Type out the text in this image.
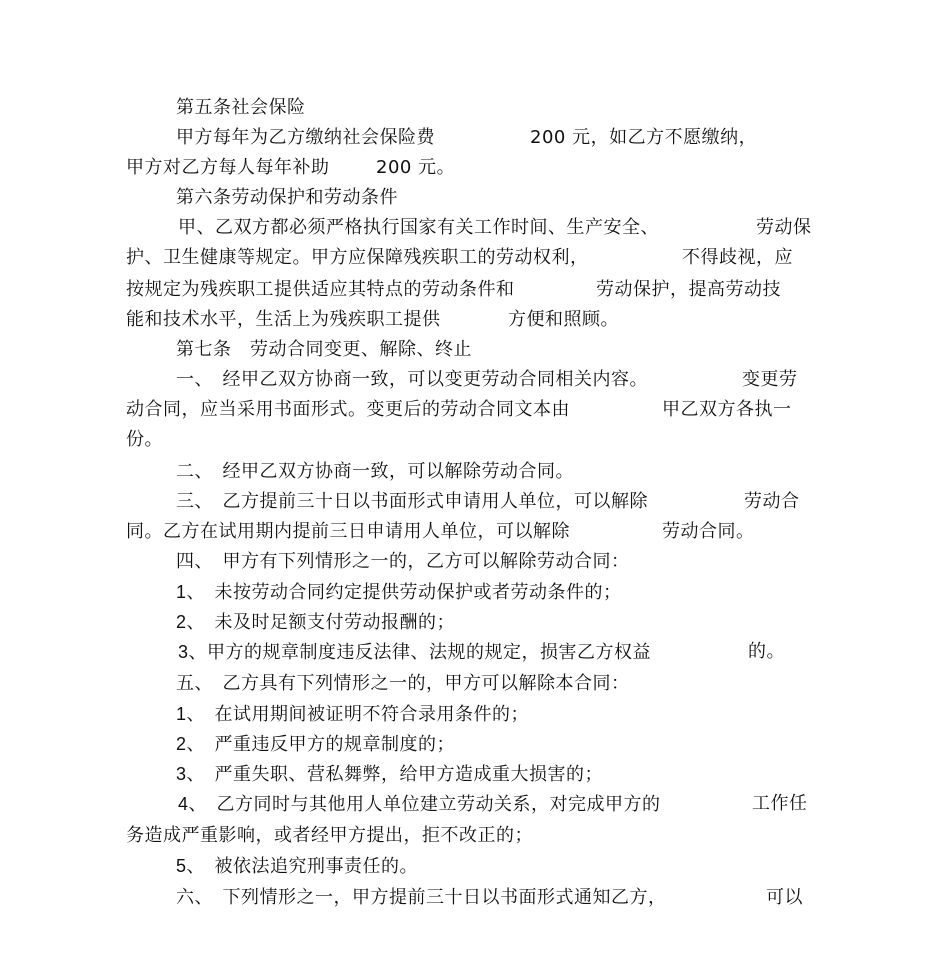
第五条社会保险
甲方每年为乙方缴纳社会保险费	200 元，如乙方不愿缴纳，
甲方对乙方每人每年补助	200 元。
第六条劳动保护和劳动条件
甲、乙双方都必须严格执行国家有关工作时间、生产安全、	劳动保
护、卫生健康等规定。甲方应保障残疾职工的劳动权利，	不得歧视，应
按规定为残疾职工提供适应其特点的劳动条件和	劳动保护，提高劳动技
能和技术水平，生活上为残疾职工提供	方便和照顾。
第七条　劳动合同变更、解除、终止
一、　经甲乙双方协商一致，可以变更劳动合同相关内容。	变更劳
动合同，应当采用书面形式。变更后的劳动合同文本由	甲乙双方各执一
份。
二、　经甲乙双方协商一致，可以解除劳动合同。
三、　乙方提前三十日以书面形式申请用人单位，可以解除	劳动合
同。乙方在试用期内提前三日申请用人单位，可以解除	劳动合同。
四、　甲方有下列情形之一的，乙方可以解除劳动合同：
1、　未按劳动合同约定提供劳动保护或者劳动条件的；
2、　未及时足额支付劳动报酬的；
3、甲方的规章制度违反法律、法规的规定，损害乙方权益	的。
五、　乙方具有下列情形之一的，甲方可以解除本合同：
1、　在试用期间被证明不符合录用条件的；
2、　严重违反甲方的规章制度的；
3、　严重失职、营私舞弊，给甲方造成重大损害的；
4、　乙方同时与其他用人单位建立劳动关系，对完成甲方的	工作任
务造成严重影响，或者经甲方提出，拒不改正的；
5、　被依法追究刑事责任的。
六、　下列情形之一，甲方提前三十日以书面形式通知乙方，	可以
